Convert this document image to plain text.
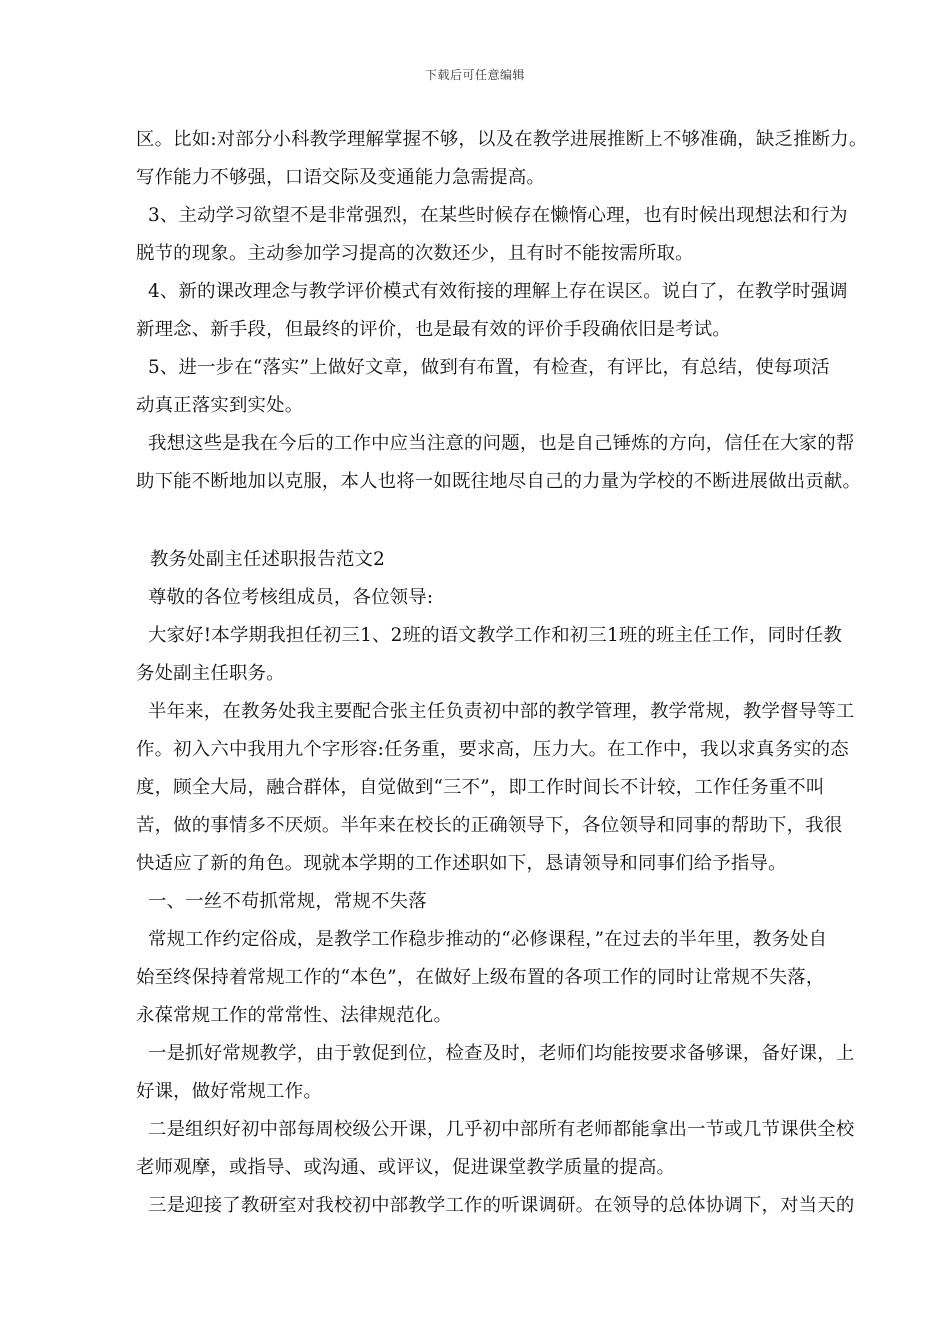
下载后可任意编辑

区。比如:对部分小科教学理解掌握不够，以及在教学进展推断上不够准确，缺乏推断力。
写作能力不够强，口语交际及变通能力急需提高。

3、主动学习欲望不是非常强烈，在某些时候存在懒惰心理，也有时候出现想法和行为
脱节的现象。主动参加学习提高的次数还少，且有时不能按需所取。

4、新的课改理念与教学评价模式有效衔接的理解上存在误区。说白了，在教学时强调
新理念、新手段，但最终的评价，也是最有效的评价手段确依旧是考试。

5、进一步在“落实”上做好文章，做到有布置，有检查，有评比，有总结，使每项活
动真正落实到实处。

我想这些是我在今后的工作中应当注意的问题，也是自己锤炼的方向，信任在大家的帮
助下能不断地加以克服，本人也将一如既往地尽自己的力量为学校的不断进展做出贡献。

教务处副主任述职报告范文2

尊敬的各位考核组成员，各位领导:

大家好!本学期我担任初三1、2班的语文教学工作和初三1班的班主任工作，同时任教
务处副主任职务。

半年来，在教务处我主要配合张主任负责初中部的教学管理，教学常规，教学督导等工
作。初入六中我用九个字形容:任务重，要求高，压力大。在工作中，我以求真务实的态
度，顾全大局，融合群体，自觉做到“三不”，即工作时间长不计较，工作任务重不叫
苦，做的事情多不厌烦。半年来在校长的正确领导下，各位领导和同事的帮助下，我很
快适应了新的角色。现就本学期的工作述职如下，恳请领导和同事们给予指导。

一、一丝不苟抓常规，常规不失落

常规工作约定俗成，是教学工作稳步推动的“必修课程，”在过去的半年里，教务处自
始至终保持着常规工作的“本色”，在做好上级布置的各项工作的同时让常规不失落，
永葆常规工作的常常性、法律规范化。

一是抓好常规教学，由于敦促到位，检查及时，老师们均能按要求备够课，备好课，上
好课，做好常规工作。

二是组织好初中部每周校级公开课，几乎初中部所有老师都能拿出一节或几节课供全校
老师观摩，或指导、或沟通、或评议，促进课堂教学质量的提高。

三是迎接了教研室对我校初中部教学工作的听课调研。在领导的总体协调下，对当天的
